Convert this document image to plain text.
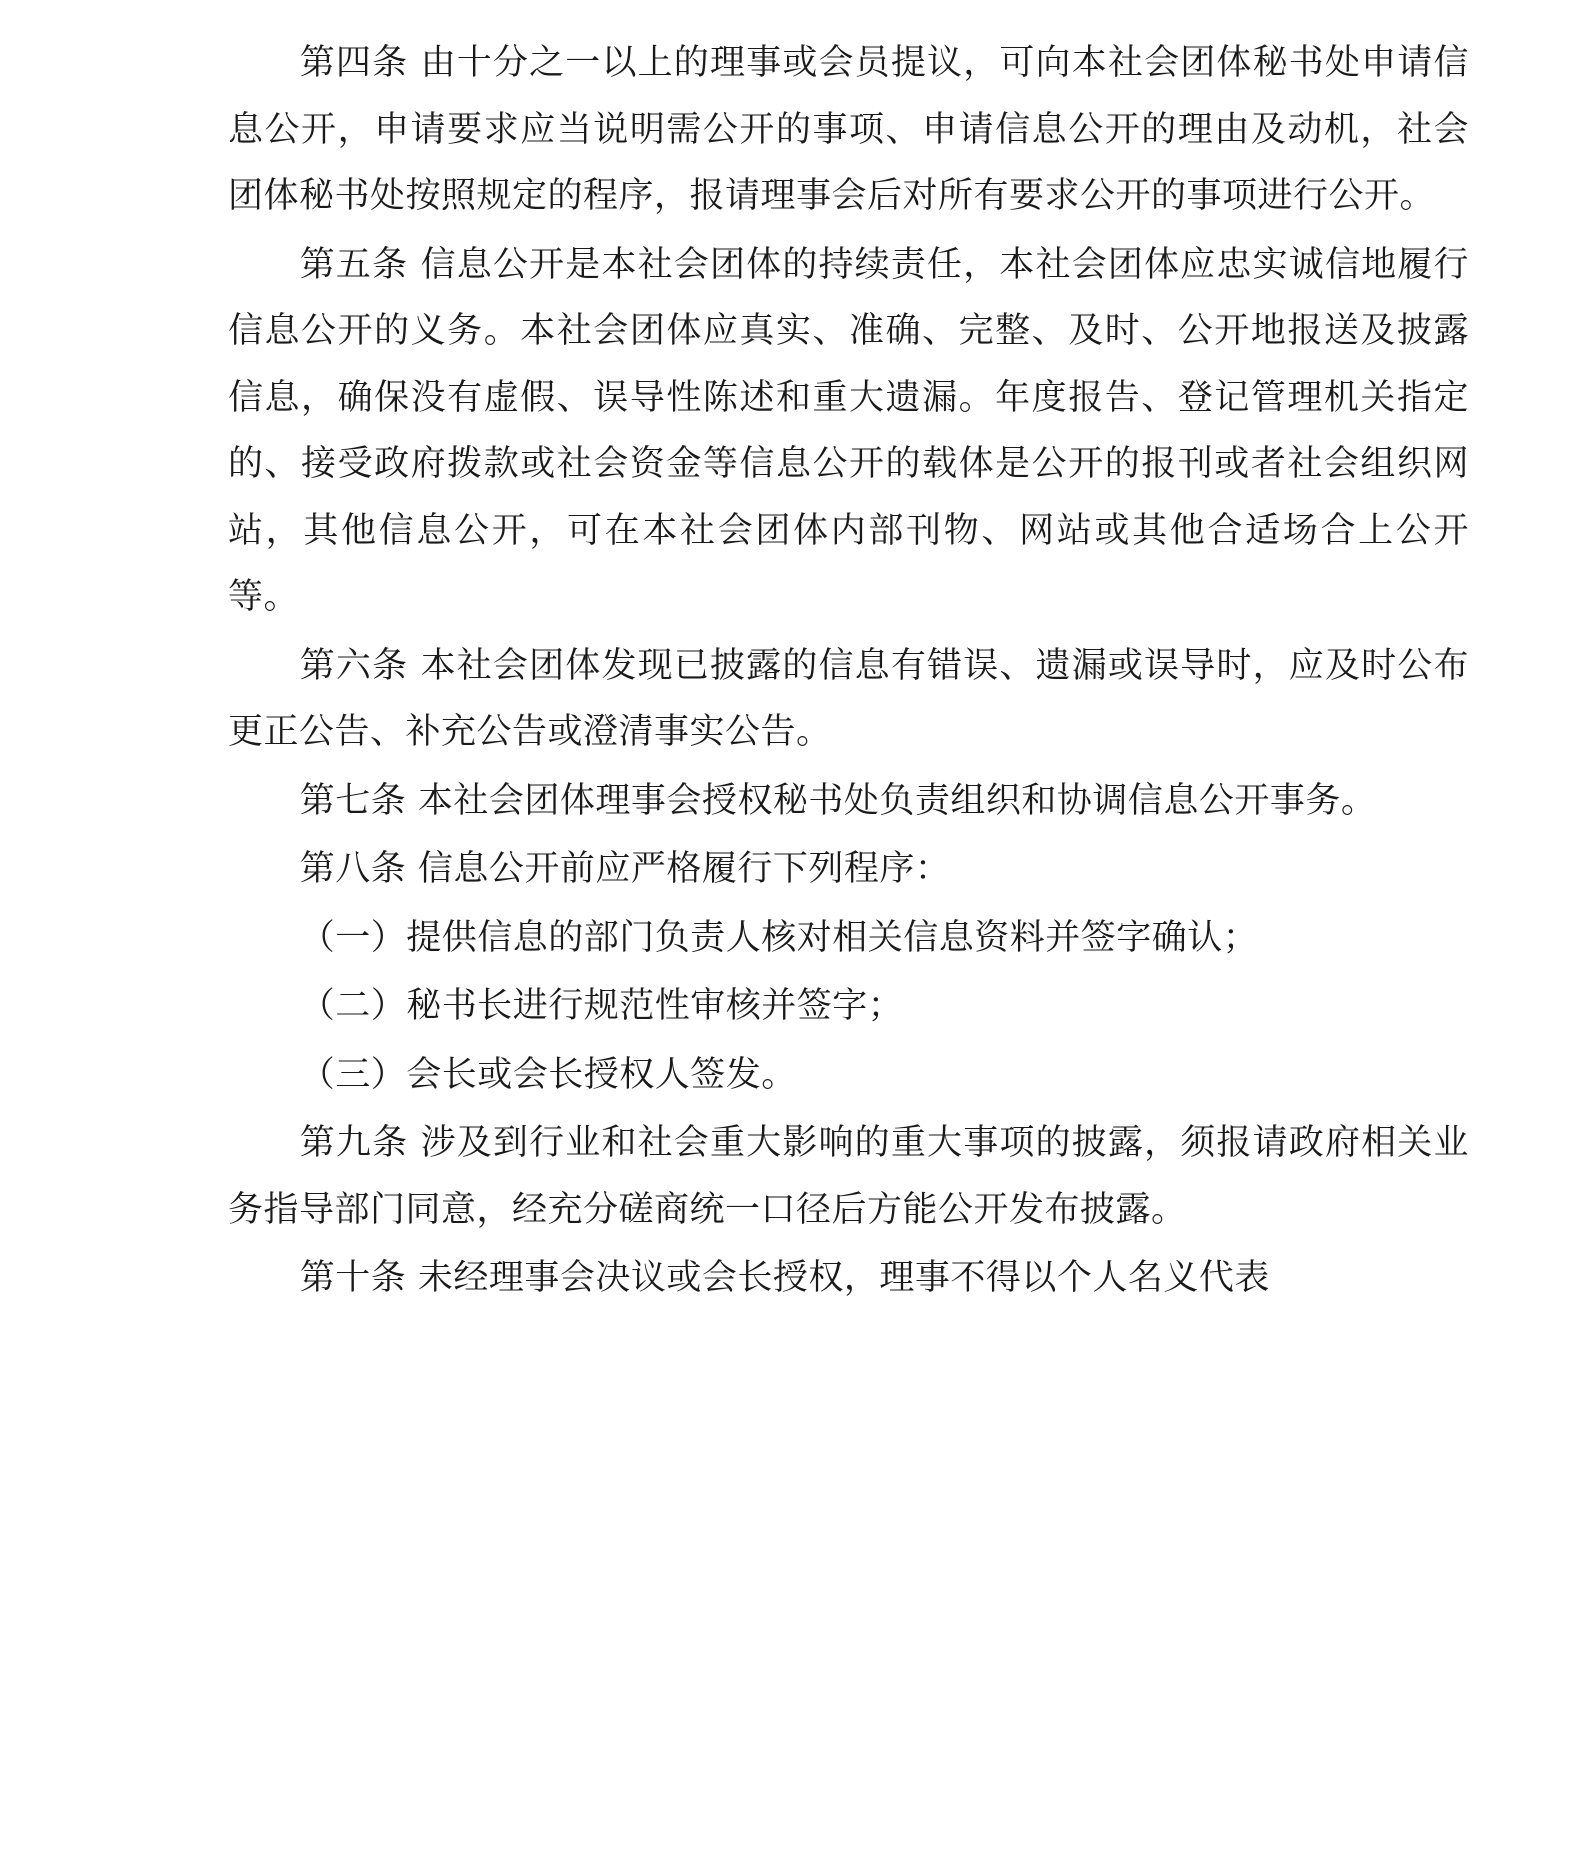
第四条 由十分之一以上的理事或会员提议，可向本社会团体秘书处申请信息公开，申请要求应当说明需公开的事项、申请信息公开的理由及动机，社会团体秘书处按照规定的程序，报请理事会后对所有要求公开的事项进行公开。

第五条 信息公开是本社会团体的持续责任，本社会团体应忠实诚信地履行信息公开的义务。本社会团体应真实、准确、完整、及时、公开地报送及披露信息，确保没有虚假、误导性陈述和重大遗漏。年度报告、登记管理机关指定的、接受政府拨款或社会资金等信息公开的载体是公开的报刊或者社会组织网站，其他信息公开，可在本社会团体内部刊物、网站或其他合适场合上公开等。

第六条 本社会团体发现已披露的信息有错误、遗漏或误导时，应及时公布更正公告、补充公告或澄清事实公告。

第七条 本社会团体理事会授权秘书处负责组织和协调信息公开事务。

第八条 信息公开前应严格履行下列程序：

（一）提供信息的部门负责人核对相关信息资料并签字确认；

（二）秘书长进行规范性审核并签字；

（三）会长或会长授权人签发。

第九条 涉及到行业和社会重大影响的重大事项的披露，须报请政府相关业务指导部门同意，经充分磋商统一口径后方能公开发布披露。

第十条 未经理事会决议或会长授权，理事不得以个人名义代表
